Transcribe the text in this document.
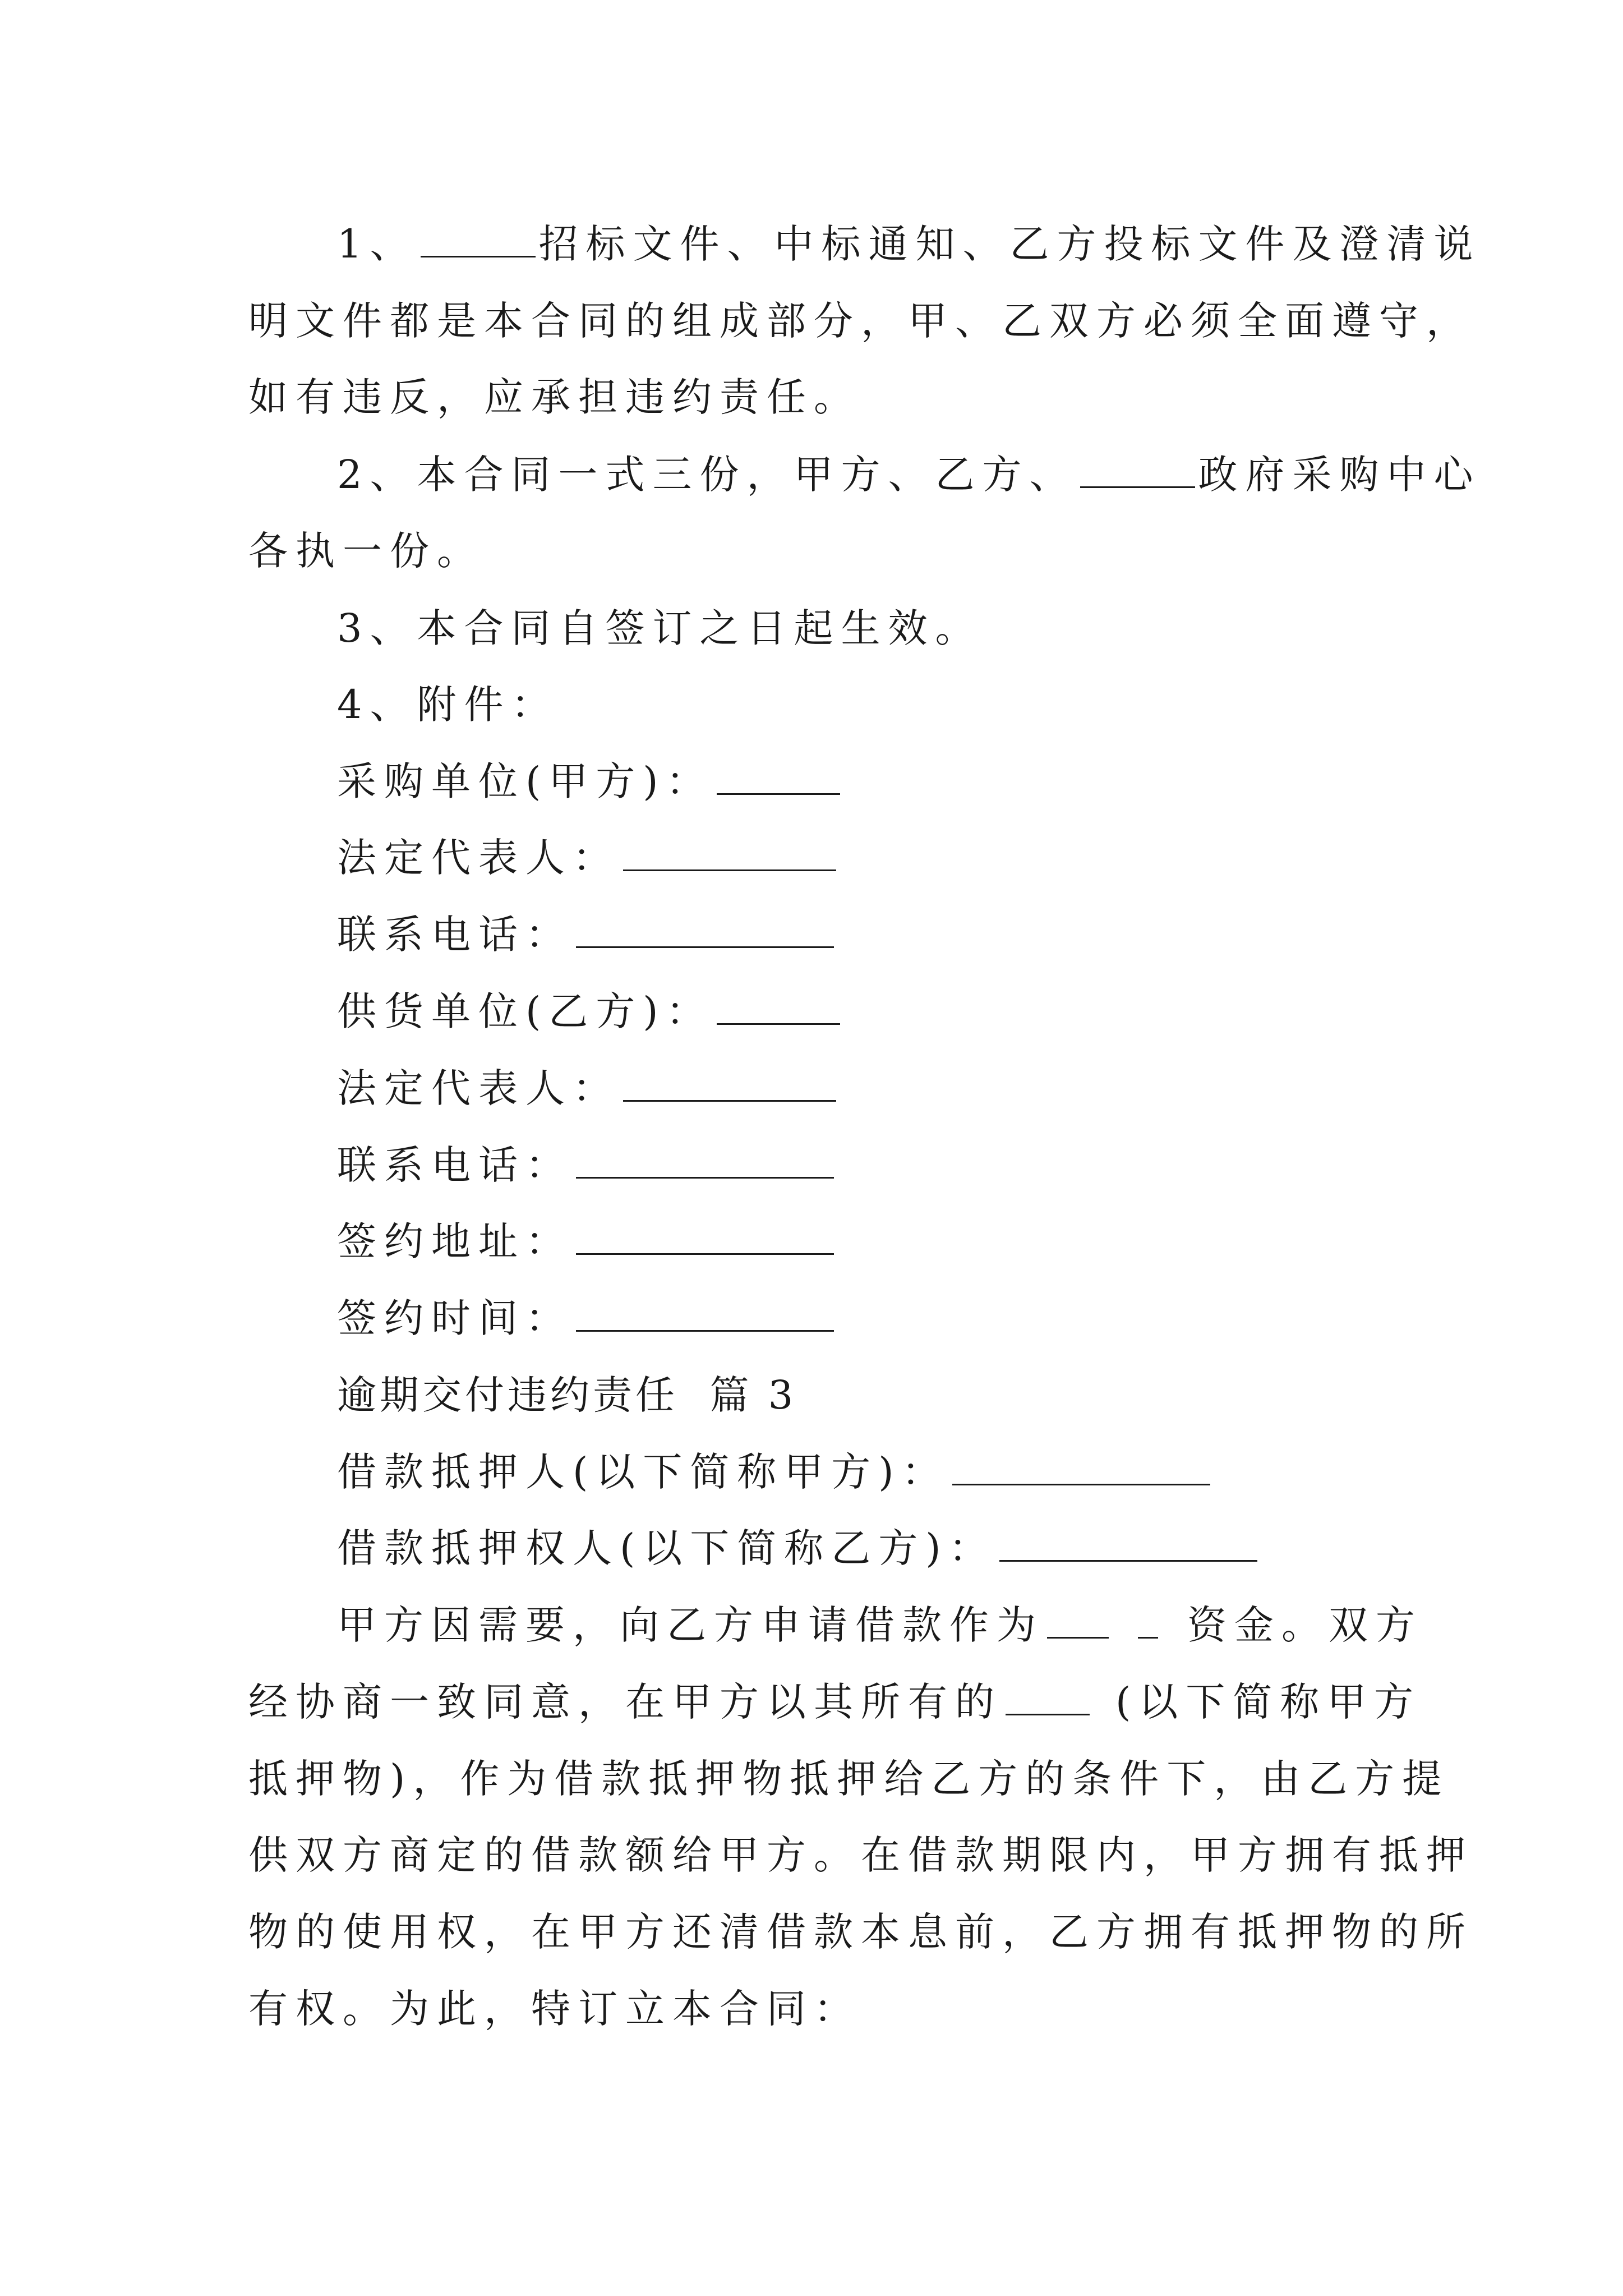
1、	招标文件、中标通知、乙方投标文件及澄清说
明文件都是本合同的组成部分，甲、乙双方必须全面遵守，
如有违反，应承担违约责任。
2、本合同一式三份，甲方、乙方、	政府采购中心
各执一份。
3、本合同自签订之日起生效。
4、附件：
采购单位(甲方)：
法定代表人：
联系电话：
供货单位(乙方)：
法定代表人：
联系电话：
签约地址：
签约时间：
逾期交付违约责任  篇 3
借款抵押人(以下简称甲方)：
借款抵押权人(以下简称乙方)：
甲方因需要，向乙方申请借款作为	资金。双方
经协商一致同意，在甲方以其所有的	(以下简称甲方
抵押物)，作为借款抵押物抵押给乙方的条件下，由乙方提
供双方商定的借款额给甲方。在借款期限内，甲方拥有抵押
物的使用权，在甲方还清借款本息前，乙方拥有抵押物的所
有权。为此，特订立本合同：
